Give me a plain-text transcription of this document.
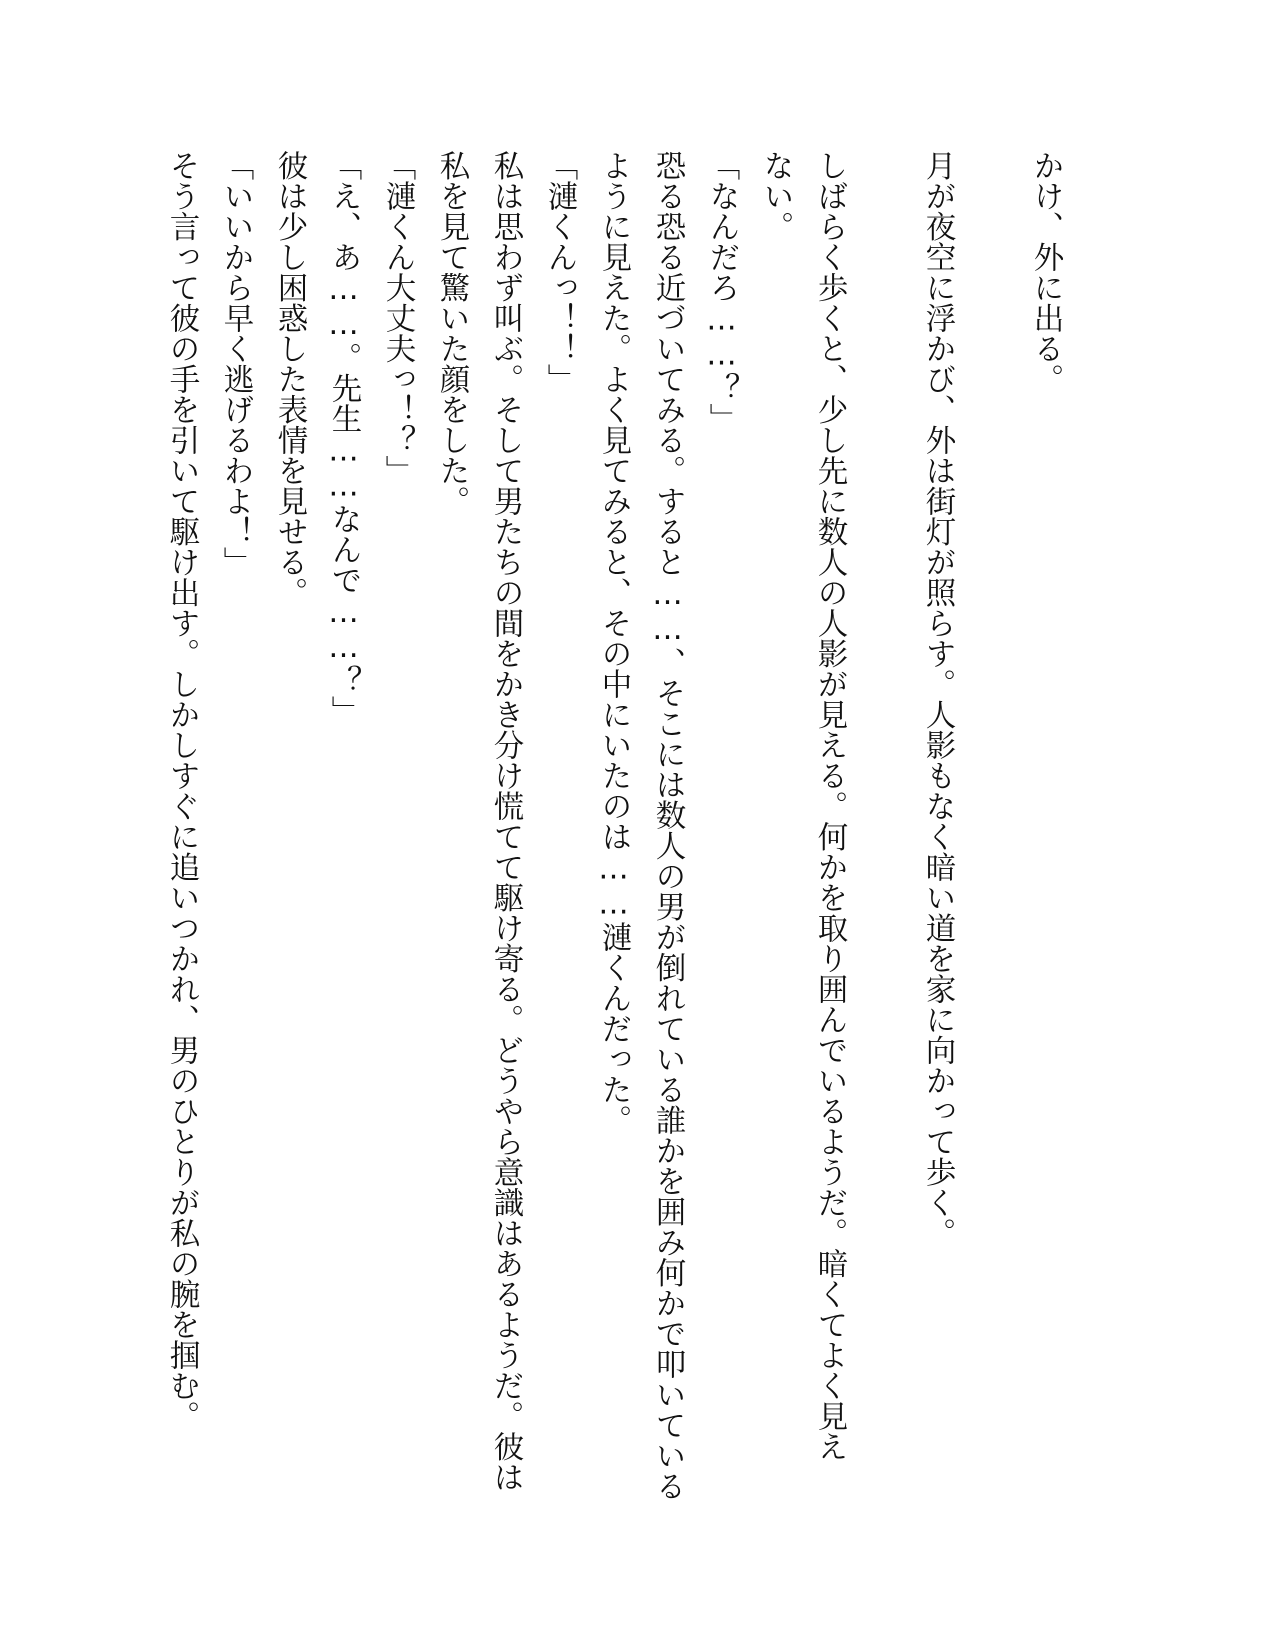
かけ、外に出る。
月が夜空に浮かび、外は街灯が照らす。人影もなく暗い道を家に向かって歩く。
しばらく歩くと、少し先に数人の人影が見える。何かを取り囲んでいるようだ。暗くてよく見え
ない。
「なんだろ……？」
恐る恐る近づいてみる。すると……、そこには数人の男が倒れている誰かを囲み何かで叩いている
ように見えた。よく見てみると、その中にいたのは……漣くんだった。
「漣くんっ！！」
私は思わず叫ぶ。そして男たちの間をかき分け慌てて駆け寄る。どうやら意識はあるようだ。彼は
私を見て驚いた顔をした。
「漣くん大丈夫っ！？」
「え、あ……。先生……なんで……？」
彼は少し困惑した表情を見せる。
「いいから早く逃げるわよ！」
そう言って彼の手を引いて駆け出す。しかしすぐに追いつかれ、男のひとりが私の腕を掴む。
